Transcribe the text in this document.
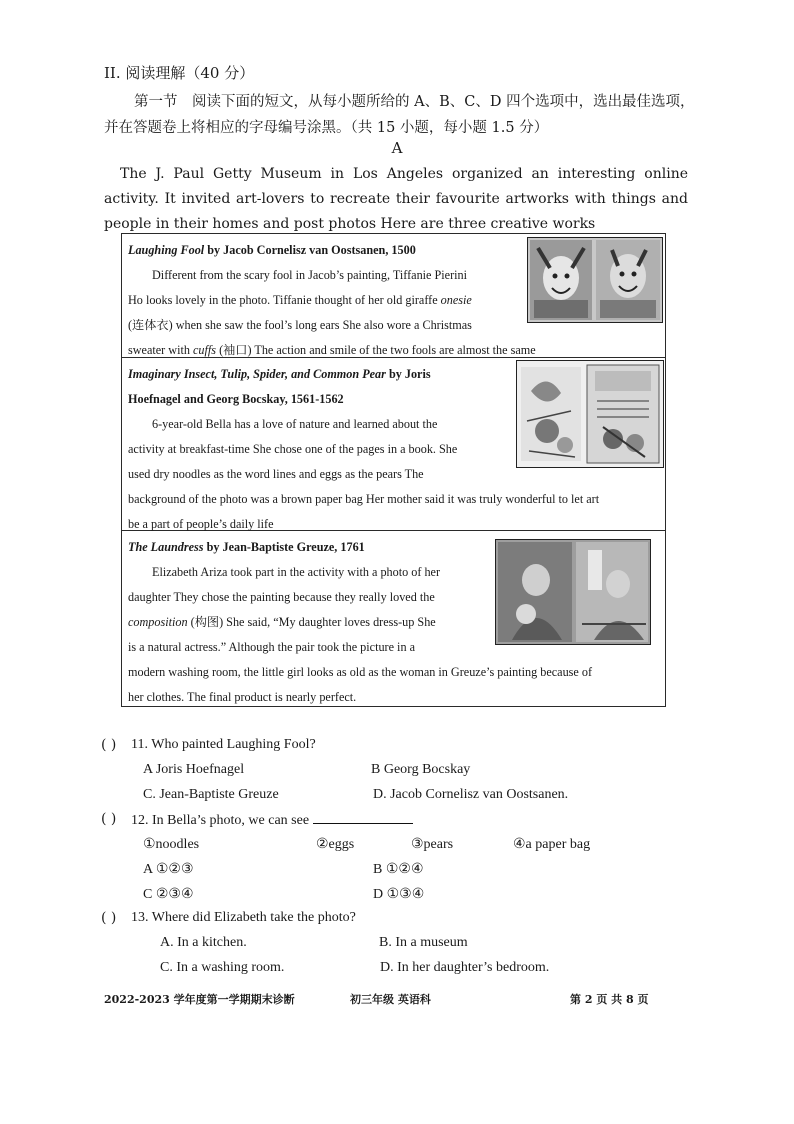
II. 阅读理解（40 分）
第一节　阅读下面的短文，从每小题所给的 A、B、C、D 四个选项中，选出最佳选项，并在答题卷上将相应的字母编号涂黑。（共 15 小题，每小题 1.5 分）
A
The J. Paul Getty Museum in Los Angeles organized an interesting online activity. It invited art-lovers to recreate their favourite artworks with things and people in their homes and post photos Here are three creative works

Laughing Fool by Jacob Cornelisz van Oostsanen, 1500

Different from the scary fool in Jacob’s painting, Tiffanie Pierini

Ho looks lovely in the photo. Tiffanie thought of her old giraffe onesie

(连体衣) when she saw the fool’s long ears She also wore a Christmas

sweater with cuffs (袖口) The action and smile of the two fools are almost the same

Imaginary Insect, Tulip, Spider, and Common Pear by Joris

Hoefnagel and Georg Bocskay, 1561-1562

6-year-old Bella has a love of nature and learned about the

activity at breakfast-time She chose one of the pages in a book. She

used dry noodles as the word lines and eggs as the pears The

background of the photo was a brown paper bag Her mother said it was truly wonderful to let art

be a part of people’s daily life

The Laundress by Jean-Baptiste Greuze, 1761

Elizabeth Ariza took part in the activity with a photo of her

daughter They chose the painting because they really loved the

composition (构图) She said, “My daughter loves dress-up She

is a natural actress.” Although the pair took the picture in a

modern washing room, the little girl looks as old as the woman in Greuze’s painting because of

her clothes. The final product is nearly perfect.

( ) 11. Who painted Laughing Fool?
A Joris Hoefnagel	B Georg Bocskay
C. Jean-Baptiste Greuze	D. Jacob Cornelisz van Oostsanen.
( ) 12. In Bella’s photo, we can see
①noodles	②eggs	③pears	④a paper bag
A ①②③	B ①②④
C ②③④	D ①③④
( ) 13. Where did Elizabeth take the photo?
A. In a kitchen.	B. In a museum
C. In a washing room.	D. In her daughter’s bedroom.
2022-2023 学年度第一学期期末诊断	初三年级 英语科	第 2 页 共 8 页
